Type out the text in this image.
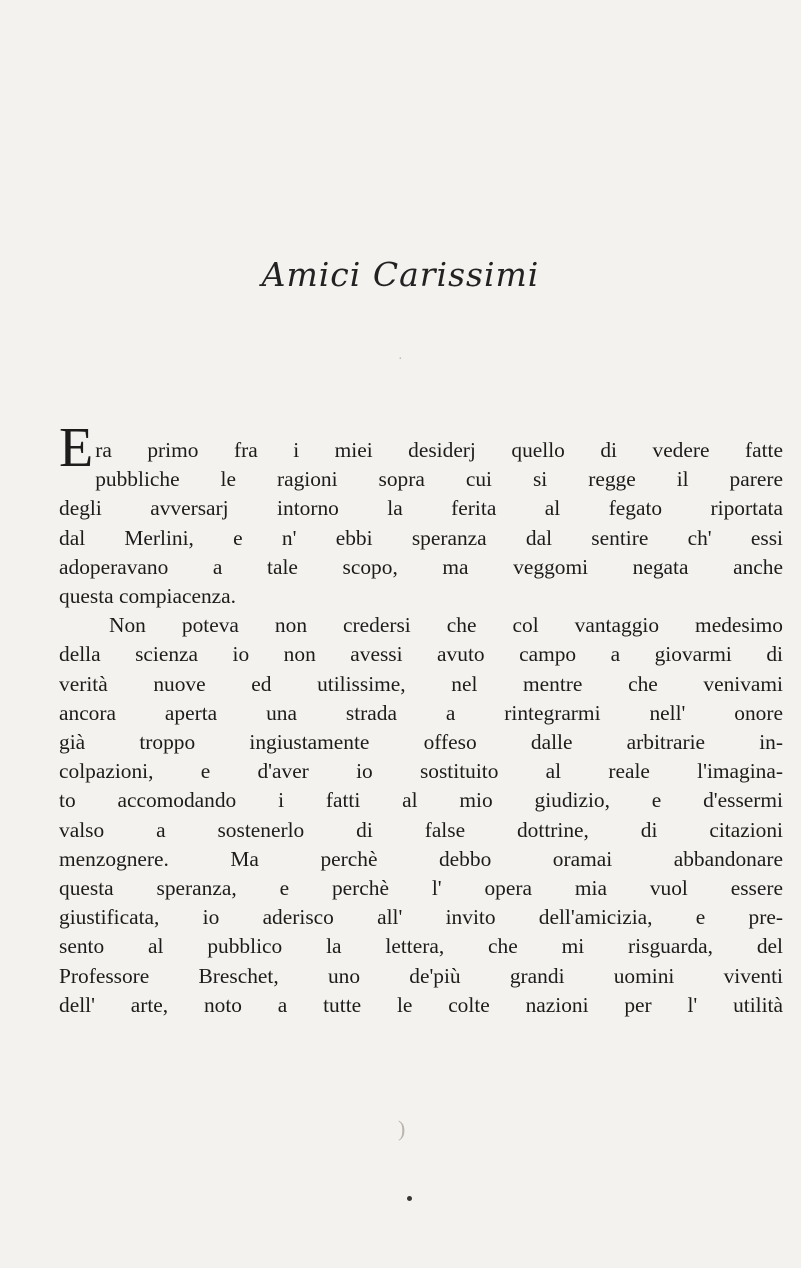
Amici Carissimi
·
)
Era primo fra i miei desiderj quello di vedere fatte
pubbliche le ragioni sopra cui si regge il parere
degli avversarj intorno la ferita al fegato riportata
dal Merlini, e n' ebbi speranza dal sentire ch' essi
adoperavano a tale scopo, ma veggomi negata anche
questa compiacenza.
Non poteva non credersi che col vantaggio medesimo
della scienza io non avessi avuto campo a giovarmi di
verità nuove ed utilissime, nel mentre che venivami
ancora aperta una strada a rintegrarmi nell' onore
già troppo ingiustamente offeso dalle arbitrarie in-
colpazioni, e d'aver io sostituito al reale l'imagina-
to accomodando i fatti al mio giudizio, e d'essermi
valso a sostenerlo di false dottrine, di citazioni
menzognere. Ma perchè debbo oramai abbandonare
questa speranza, e perchè l' opera mia vuol essere
giustificata, io aderisco all' invito dell'amicizia, e pre-
sento al pubblico la lettera, che mi risguarda, del
Professore Breschet, uno de'più grandi uomini viventi
dell' arte, noto a tutte le colte nazioni per l' utilità
